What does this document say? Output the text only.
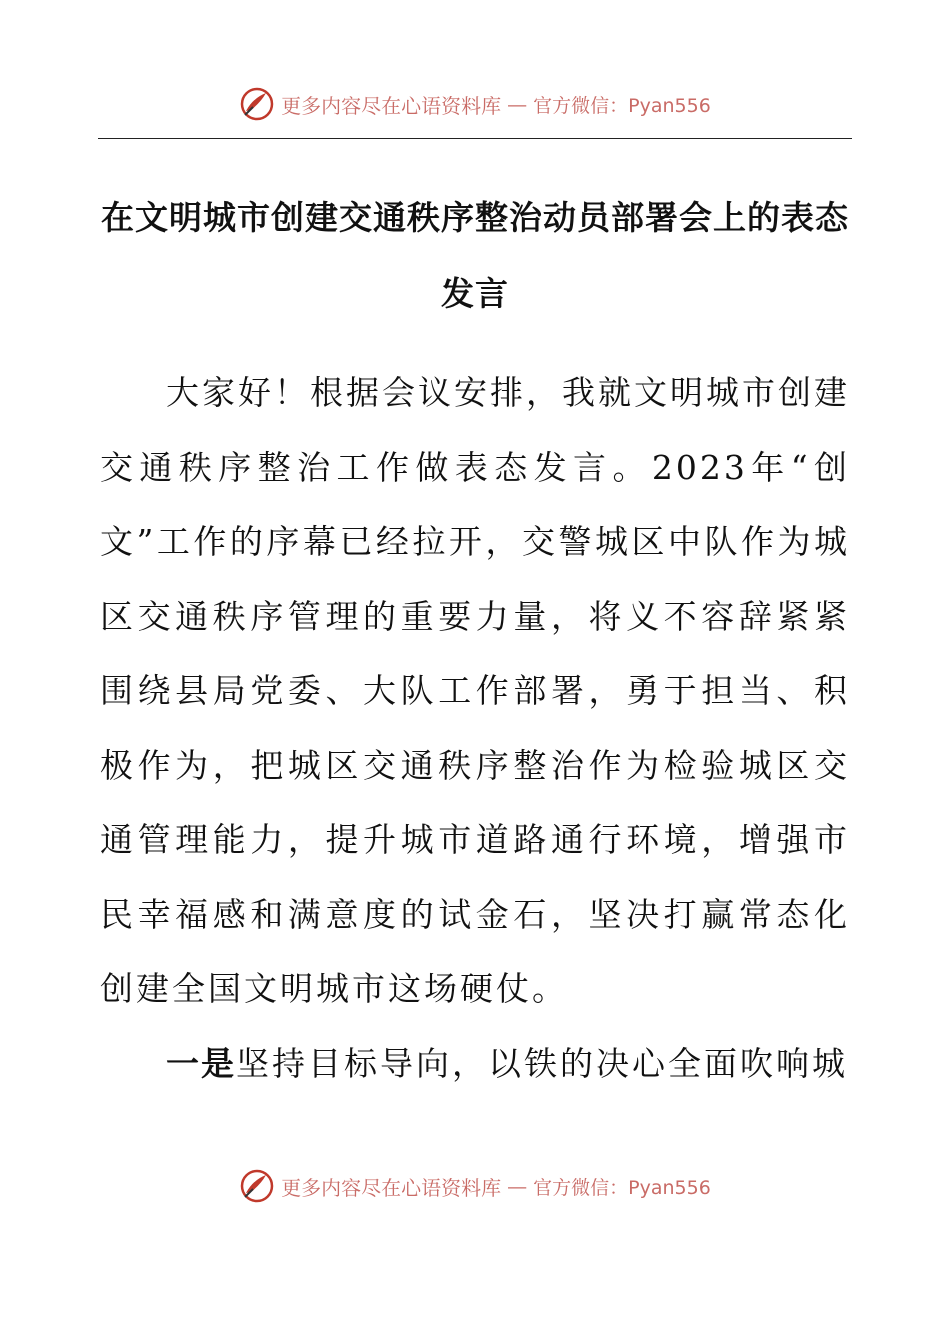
更多内容尽在心语资料库 — 官方微信：Pyan556
在文明城市创建交通秩序整治动员部署会上的表态发言

大家好！根据会议安排，我就文明城市创建交通秩序整治工作做表态发言。2023年“创文”工作的序幕已经拉开，交警城区中队作为城区交通秩序管理的重要力量，将义不容辞紧紧围绕县局党委、大队工作部署，勇于担当、积极作为，把城区交通秩序整治作为检验城区交通管理能力，提升城市道路通行环境，增强市民幸福感和满意度的试金石，坚决打赢常态化创建全国文明城市这场硬仗。

一是坚持目标导向，以铁的决心全面吹响城

更多内容尽在心语资料库 — 官方微信：Pyan556
